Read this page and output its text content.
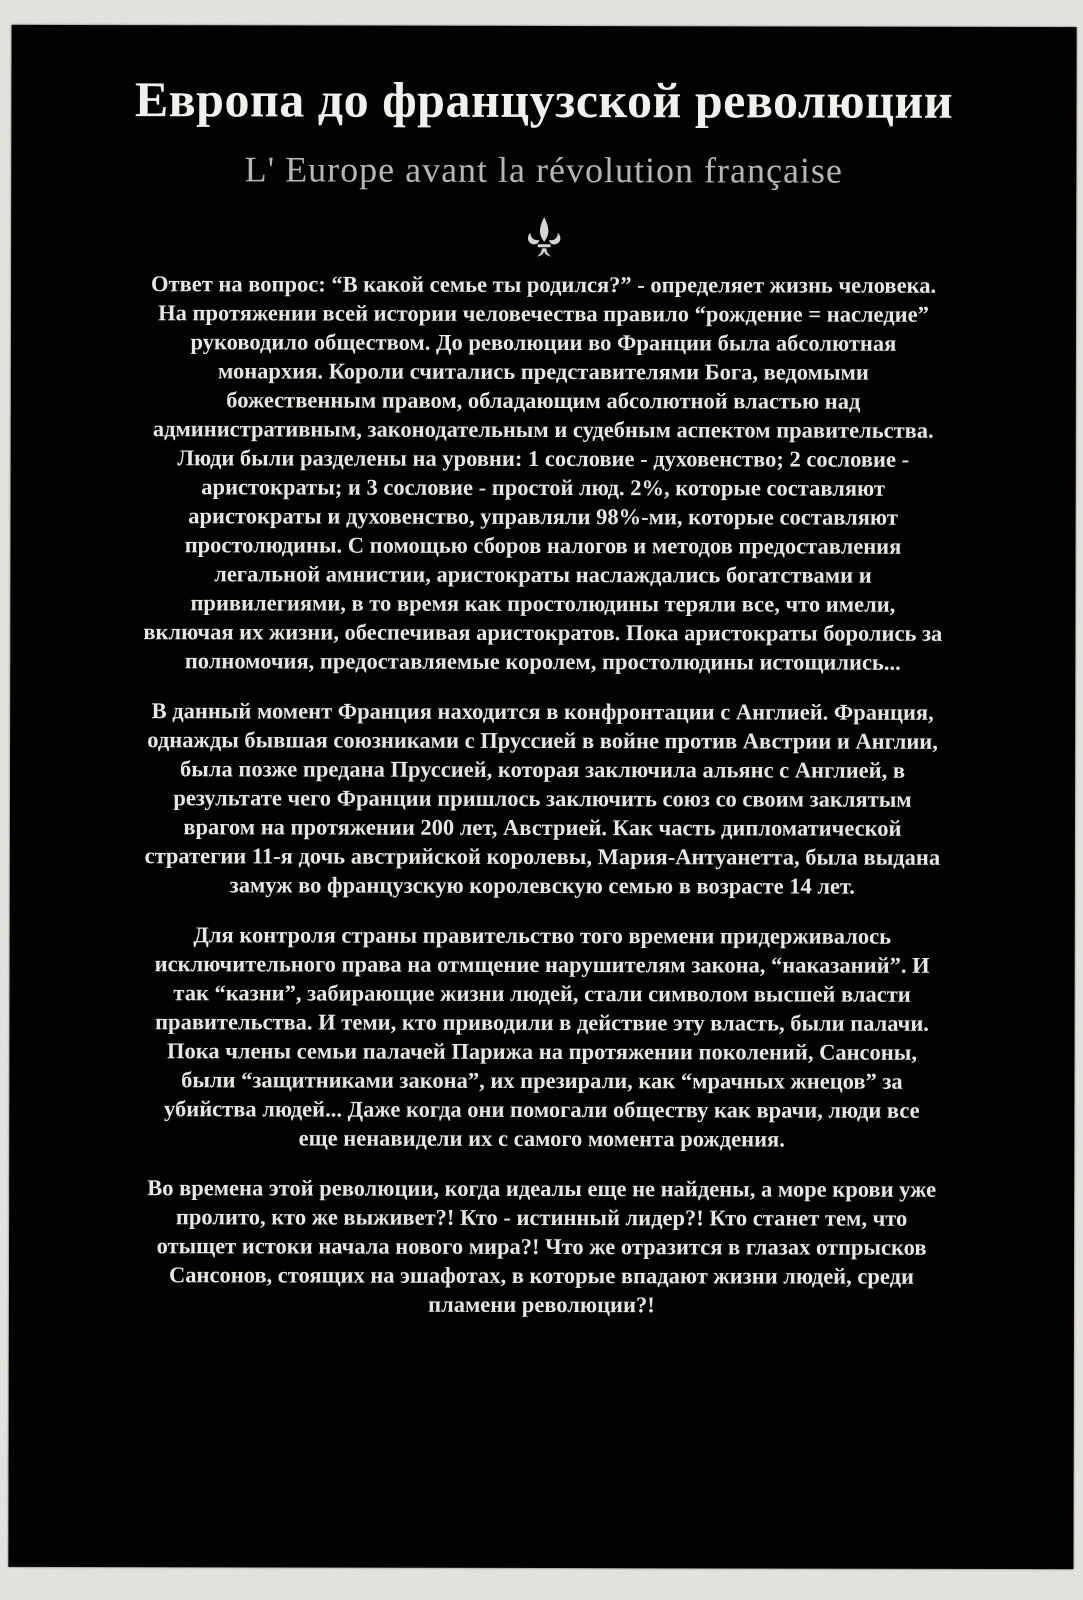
Европа до французской революции
L' Europe avant la révolution française
Ответ на вопрос: “В какой семье ты родился?” - определяет жизнь человека.
На протяжении всей истории человечества правило “рождение = наследие” руководило обществом. До революции во Франции была абсолютная монархия. Короли считались представителями Бога, ведомыми божественным правом, обладающим абсолютной властью над административным, законодательным и судебным аспектом правительства.
Люди были разделены на уровни: 1 сословие - духовенство; 2 сословие - аристократы; и 3 сословие - простой люд. 2%, которые составляют аристократы и духовенство, управляли 98%-ми, которые составляют простолюдины. С помощью сборов налогов и методов предоставления легальной амнистии, аристократы наслаждались богатствами и привилегиями, в то время как простолюдины теряли все, что имели, включая их жизни, обеспечивая аристократов. Пока аристократы боролись за полномочия, предоставляемые королем, простолюдины истощились...
В данный момент Франция находится в конфронтации с Англией. Франция, однажды бывшая союзниками с Пруссией в войне против Австрии и Англии, была позже предана Пруссией, которая заключила альянс с Англией, в результате чего Франции пришлось заключить союз со своим заклятым врагом на протяжении 200 лет, Австрией. Как часть дипломатической стратегии 11-я дочь австрийской королевы, Мария-Антуанетта, была выдана замуж во французскую королевскую семью в возрасте 14 лет.
Для контроля страны правительство того времени придерживалось исключительного права на отмщение нарушителям закона, “наказаний”. И так “казни”, забирающие жизни людей, стали символом высшей власти правительства. И теми, кто приводили в действие эту власть, были палачи. Пока члены семьи палачей Парижа на протяжении поколений, Сансоны, были “защитниками закона”, их презирали, как “мрачных жнецов” за убийства людей... Даже когда они помогали обществу как врачи, люди все еще ненавидели их с самого момента рождения.
Во времена этой революции, когда идеалы еще не найдены, а море крови уже пролито, кто же выживет?! Кто - истинный лидер?! Кто станет тем, что отыщет истоки начала нового мира?! Что же отразится в глазах отпрысков Сансонов, стоящих на эшафотах, в которые впадают жизни людей, среди пламени революции?!
